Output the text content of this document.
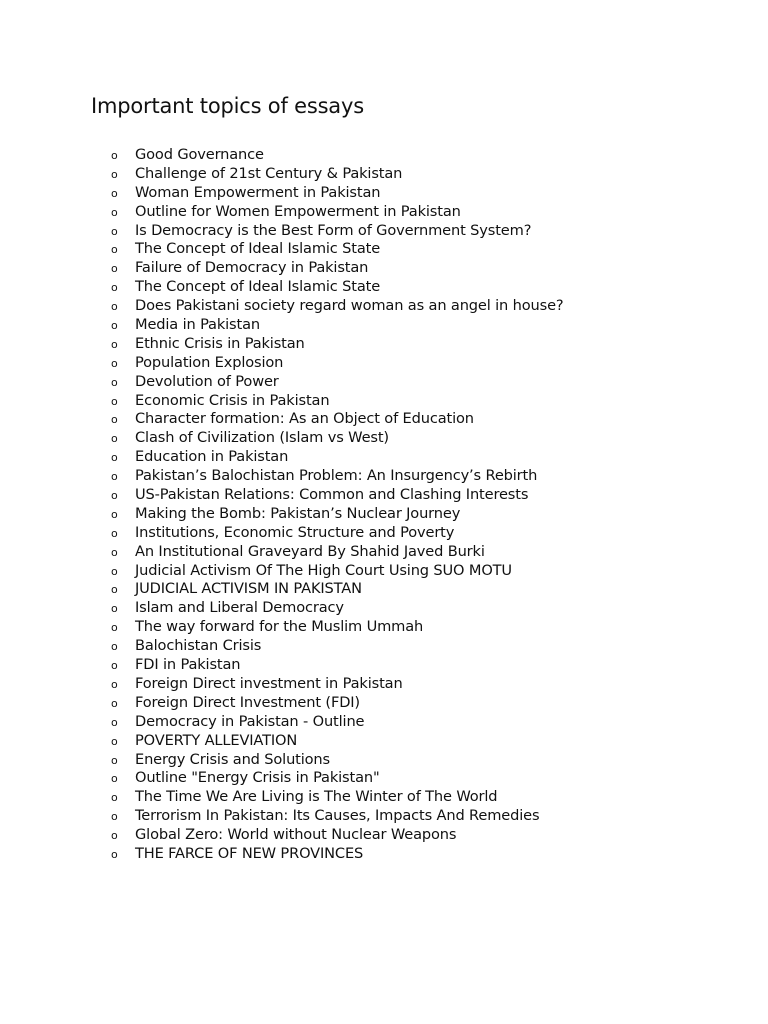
Important topics of essays
o Good Governance
o Challenge of 21st Century & Pakistan
o Woman Empowerment in Pakistan
o Outline for Women Empowerment in Pakistan
o Is Democracy is the Best Form of Government System?
o The Concept of Ideal Islamic State
o Failure of Democracy in Pakistan
o The Concept of Ideal Islamic State
o Does Pakistani society regard woman as an angel in house?
o Media in Pakistan
o Ethnic Crisis in Pakistan
o Population Explosion
o Devolution of Power
o Economic Crisis in Pakistan
o Character formation: As an Object of Education
o Clash of Civilization (Islam vs West)
o Education in Pakistan
o Pakistan’s Balochistan Problem: An Insurgency’s Rebirth
o US-Pakistan Relations: Common and Clashing Interests
o Making the Bomb: Pakistan’s Nuclear Journey
o Institutions, Economic Structure and Poverty
o An Institutional Graveyard By Shahid Javed Burki
o Judicial Activism Of The High Court Using SUO MOTU
o JUDICIAL ACTIVISM IN PAKISTAN
o Islam and Liberal Democracy
o The way forward for the Muslim Ummah
o Balochistan Crisis
o FDI in Pakistan
o Foreign Direct investment in Pakistan
o Foreign Direct Investment (FDI)
o Democracy in Pakistan - Outline
o POVERTY ALLEVIATION
o Energy Crisis and Solutions
o Outline "Energy Crisis in Pakistan"
o The Time We Are Living is The Winter of The World
o Terrorism In Pakistan: Its Causes, Impacts And Remedies
o Global Zero: World without Nuclear Weapons
o THE FARCE OF NEW PROVINCES
